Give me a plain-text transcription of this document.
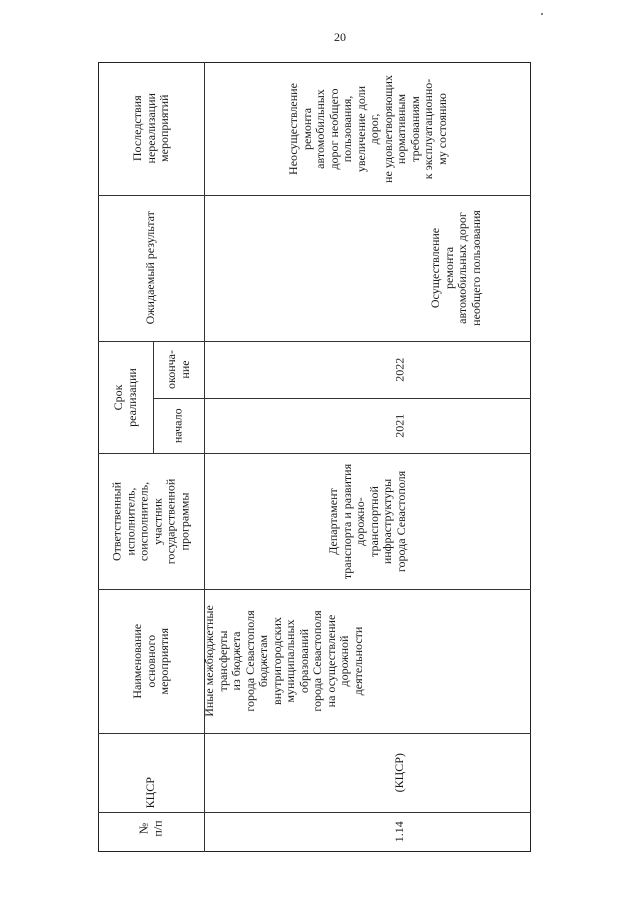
20
Последствия нереализации мероприятий
Ожидаемый результат
Срок реализации оконча- ние
начало
Ответственный исполнитель, соисполнитель, участник государственной программы
Наименование основного мероприятия
КЦСР
№ п/п
Неосуществление ремонта автомобильных дорог необщего пользования, увеличение доли дорог, не удовлетворяющих нормативным требованиям к эксплуатационно- му состоянию
Осуществление ремонта автомобильных дорог необщего пользования
2022
2021
Департамент транспорта и развития дорожно- транспортной инфраструктуры города Севастополя
Иные межбюджетные трансферты из бюджета города Севастополя бюджетам внутригородских муниципальных образований города Севастополя на осуществление дорожной деятельности
(КЦСР)
1.14
